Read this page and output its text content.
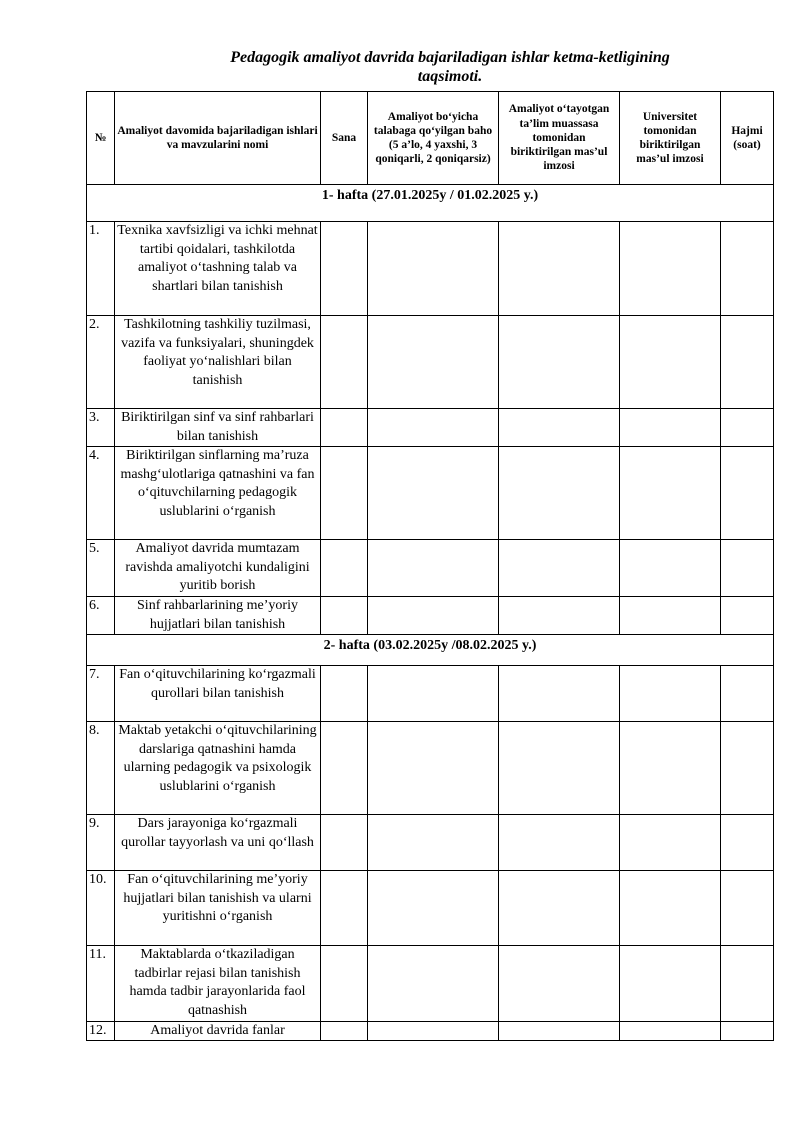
Pedagogik amaliyot davrida bajariladigan ishlar ketma-ketligining
taqsimoti.
№	Amaliyot davomida bajariladigan ishlari va mavzularini nomi	Sana	Amaliyot bo‘yicha talabaga qo‘yilgan baho (5 a’lo, 4 yaxshi, 3 qoniqarli, 2 qoniqarsiz)	Amaliyot o‘tayotgan ta’lim muassasa tomonidan biriktirilgan mas’ul imzosi	Universitet tomonidan biriktirilgan mas’ul imzosi	Hajmi (soat)
1- hafta (27.01.2025y / 01.02.2025 y.)						
1.	Texnika xavfsizligi va ichki mehnat tartibi qoidalari, tashkilotda amaliyot o‘tashning talab va shartlari bilan tanishish					
2.	Tashkilotning tashkiliy tuzilmasi, vazifa va funksiyalari, shuningdek faoliyat yo‘nalishlari bilan tanishish					
3.	Biriktirilgan sinf va sinf rahbarlari bilan tanishish					
4.	Biriktirilgan sinflarning ma’ruza mashg‘ulotlariga qatnashini va fan o‘qituvchilarning pedagogik uslublarini o‘rganish					
5.	Amaliyot davrida mumtazam ravishda amaliyotchi kundaligini yuritib borish					
6.	Sinf rahbarlarining me’yoriy hujjatlari bilan tanishish					
2- hafta (03.02.2025y /08.02.2025 y.)						
7.	Fan o‘qituvchilarining ko‘rgazmali qurollari bilan tanishish					
8.	Maktab yetakchi o‘qituvchilarining darslariga qatnashini hamda ularning pedagogik va psixologik uslublarini o‘rganish					
9.	Dars jarayoniga ko‘rgazmali qurollar tayyorlash va uni qo‘llash					
10.	Fan o‘qituvchilarining me’yoriy hujjatlari bilan tanishish va ularni yuritishni o‘rganish					
11.	Maktablarda o‘tkaziladigan tadbirlar rejasi bilan tanishish hamda tadbir jarayonlarida faol qatnashish					
12.	Amaliyot davrida fanlar					
